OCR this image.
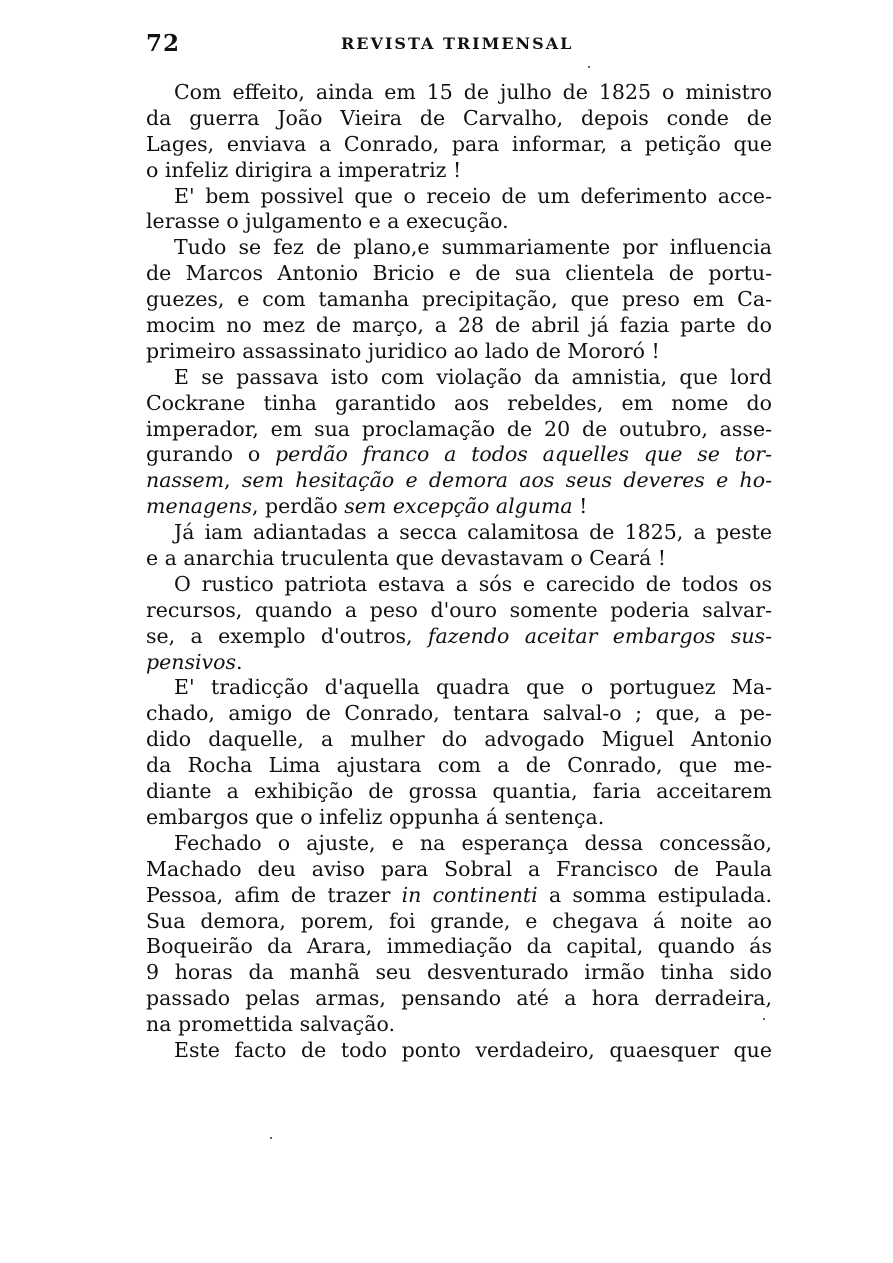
72	REVISTA TRIMENSAL
Com effeito, ainda em 15 de julho de 1825 o ministro
da guerra João Vieira de Carvalho, depois conde de
Lages, enviava a Conrado, para informar, a petição que
o infeliz dirigira a imperatriz !
E' bem possivel que o receio de um deferimento acce-
lerasse o julgamento e a execução.
Tudo se fez de plano,e summariamente por influencia
de Marcos Antonio Bricio e de sua clientela de portu-
guezes, e com tamanha precipitação, que preso em Ca-
mocim no mez de março, a 28 de abril já fazia parte do
primeiro assassinato juridico ao lado de Mororó !
E se passava isto com violação da amnistia, que lord
Cockrane tinha garantido aos rebeldes, em nome do
imperador, em sua proclamação de 20 de outubro, asse-
gurando o perdão franco a todos aquelles que se tor-
nassem, sem hesitação e demora aos seus deveres e ho-
menagens, perdão sem excepção alguma !
Já iam adiantadas a secca calamitosa de 1825, a peste
e a anarchia truculenta que devastavam o Ceará !
O rustico patriota estava a sós e carecido de todos os
recursos, quando a peso d'ouro somente poderia salvar-
se, a exemplo d'outros, fazendo aceitar embargos sus-
pensivos.
E' tradicção d'aquella quadra que o portuguez Ma-
chado, amigo de Conrado, tentara salval-o ; que, a pe-
dido daquelle, a mulher do advogado Miguel Antonio
da Rocha Lima ajustara com a de Conrado, que me-
diante a exhibição de grossa quantia, faria acceitarem
embargos que o infeliz oppunha á sentença.
Fechado o ajuste, e na esperança dessa concessão,
Machado deu aviso para Sobral a Francisco de Paula
Pessoa, afim de trazer in continenti a somma estipulada.
Sua demora, porem, foi grande, e chegava á noite ao
Boqueirão da Arara, immediação da capital, quando ás
9 horas da manhã seu desventurado irmão tinha sido
passado pelas armas, pensando até a hora derradeira,
na promettida salvação.
Este facto de todo ponto verdadeiro, quaesquer que
